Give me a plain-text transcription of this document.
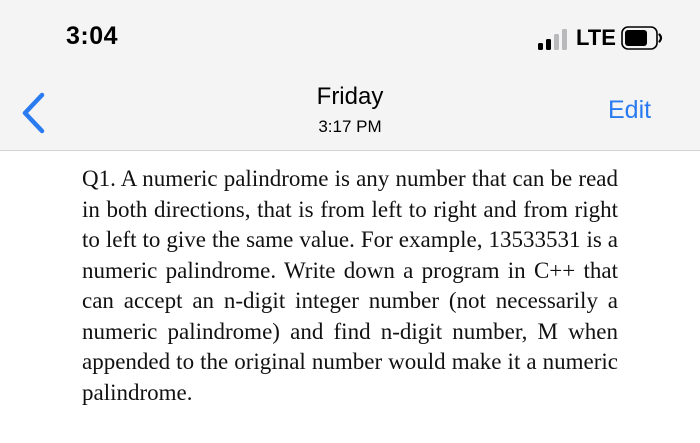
3:04	LTE
Friday
3:17 PM
Edit

Q1. A numeric palindrome is any number that can be read in both directions, that is from left to right and from right to left to give the same value. For example, 13533531 is a numeric palindrome. Write down a program in C++ that can accept an n-digit integer number (not necessarily a numeric palindrome) and find n-digit number, M when appended to the original number would make it a numeric palindrome.
